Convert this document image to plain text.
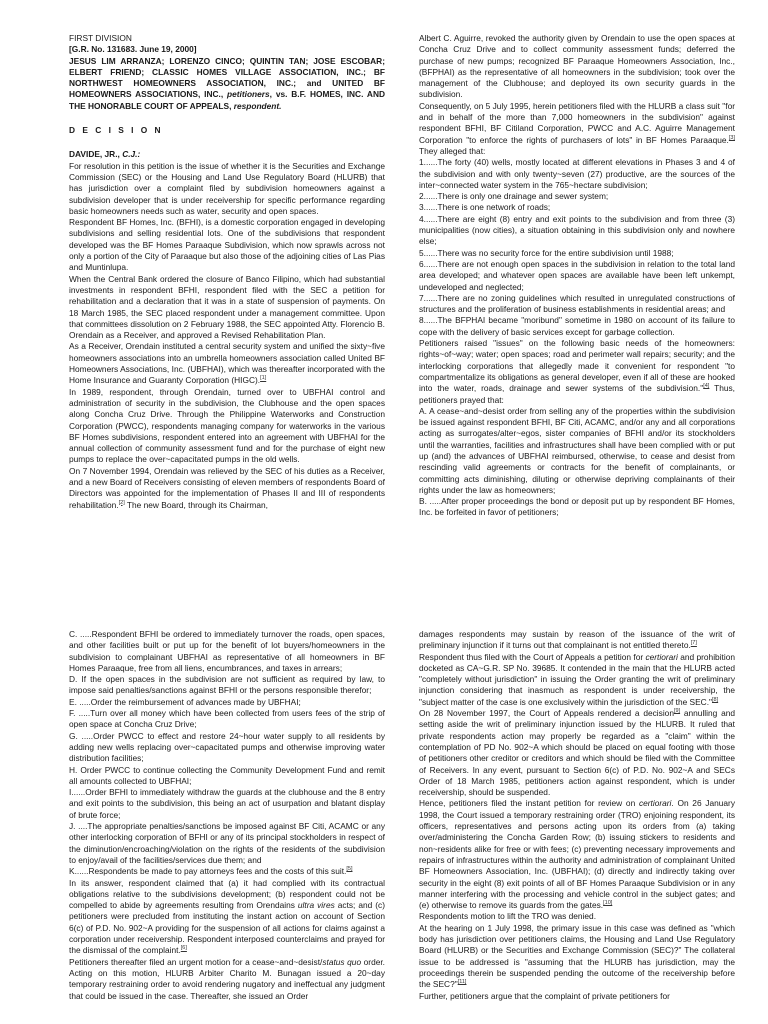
FIRST DIVISION

[G.R. No. 131683. June 19, 2000]

JESUS LIM ARRANZA; LORENZO CINCO; QUINTIN TAN; JOSE ESCOBAR; ELBERT FRIEND; CLASSIC HOMES VILLAGE ASSOCIATION, INC.; BF NORTHWEST HOMEOWNERS ASSOCIATION, INC.; and UNITED BF HOMEOWNERS ASSOCIATIONS, INC., petitioners, vs. B.F. HOMES, INC. AND THE HONORABLE COURT OF APPEALS, respondent.

D E C I S I O N

DAVIDE, JR., C.J.:

For resolution in this petition is the issue of whether it is the Securities and Exchange Commission (SEC) or the Housing and Land Use Regulatory Board (HLURB) that has jurisdiction over a complaint filed by subdivision homeowners against a subdivision developer that is under receivership for specific performance regarding basic homeowners needs such as water, security and open spaces.

Respondent BF Homes, Inc. (BFHI), is a domestic corporation engaged in developing subdivisions and selling residential lots. One of the subdivisions that respondent developed was the BF Homes Paraaque Subdivision, which now sprawls across not only a portion of the City of Paraaque but also those of the adjoining cities of Las Pias and Muntinlupa.

When the Central Bank ordered the closure of Banco Filipino, which had substantial investments in respondent BFHI, respondent filed with the SEC a petition for rehabilitation and a declaration that it was in a state of suspension of payments. On 18 March 1985, the SEC placed respondent under a management committee. Upon that committees dissolution on 2 February 1988, the SEC appointed Atty. Florencio B. Orendain as a Receiver, and approved a Revised Rehabilitation Plan.

As a Receiver, Orendain instituted a central security system and unified the sixty~five homeowners associations into an umbrella homeowners association called United BF Homeowners Associations, Inc. (UBFHAI), which was thereafter incorporated with the Home Insurance and Guaranty Corporation (HIGC).[1]

In 1989, respondent, through Orendain, turned over to UBFHAI control and administration of security in the subdivision, the Clubhouse and the open spaces along Concha Cruz Drive. Through the Philippine Waterworks and Construction Corporation (PWCC), respondents managing company for waterworks in the various BF Homes subdivisions, respondent entered into an agreement with UBFHAI for the annual collection of community assessment fund and for the purchase of eight new pumps to replace the over~capacitated pumps in the old wells.

On 7 November 1994, Orendain was relieved by the SEC of his duties as a Receiver, and a new Board of Receivers consisting of eleven members of respondents Board of Directors was appointed for the implementation of Phases II and III of respondents rehabilitation.[2] The new Board, through its Chairman,

Albert C. Aguirre, revoked the authority given by Orendain to use the open spaces at Concha Cruz Drive and to collect community assessment funds; deferred the purchase of new pumps; recognized BF Paraaque Homeowners Association, Inc., (BFPHAI) as the representative of all homeowners in the subdivision; took over the management of the Clubhouse; and deployed its own security guards in the subdivision.

Consequently, on 5 July 1995, herein petitioners filed with the HLURB a class suit "for and in behalf of the more than 7,000 homeowners in the subdivision" against respondent BFHI, BF Citiland Corporation, PWCC and A.C. Aguirre Management Corporation "to enforce the rights of purchasers of lots" in BF Homes Paraaque.[3] They alleged that:

1......The forty (40) wells, mostly located at different elevations in Phases 3 and 4 of the subdivision and with only twenty~seven (27) productive, are the sources of the inter~connected water system in the 765~hectare subdivision;

2......There is only one drainage and sewer system;

3......There is one network of roads;

4......There are eight (8) entry and exit points to the subdivision and from three (3) municipalities (now cities), a situation obtaining in this subdivision only and nowhere else;

5......There was no security force for the entire subdivision until 1988;

6......There are not enough open spaces in the subdivision in relation to the total land area developed; and whatever open spaces are available have been left unkempt, undeveloped and neglected;

7......There are no zoning guidelines which resulted in unregulated constructions of structures and the proliferation of business establishments in residential areas; and

8......The BFPHAI became "moribund" sometime in 1980 on account of its failure to cope with the delivery of basic services except for garbage collection.

Petitioners raised "issues" on the following basic needs of the homeowners: rights~of~way; water; open spaces; road and perimeter wall repairs; security; and the interlocking corporations that allegedly made it convenient for respondent "to compartmentalize its obligations as general developer, even if all of these are hooked into the water, roads, drainage and sewer systems of the subdivision."[4] Thus, petitioners prayed that:

A. A cease~and~desist order from selling any of the properties within the subdivision be issued against respondent BFHI, BF Citi, ACAMC, and/or any and all corporations acting as surrogates/alter~egos, sister companies of BFHI and/or its stockholders until the warranties, facilities and infrastructures shall have been complied with or put up (and) the advances of UBFHAI reimbursed, otherwise, to cease and desist from rescinding valid agreements or contracts for the benefit of complainants, or committing acts diminishing, diluting or otherwise depriving complainants of their rights under the law as homeowners;

B. .....After proper proceedings the bond or deposit put up by respondent BF Homes, Inc. be forfeited in favor of petitioners;

C. .....Respondent BFHI be ordered to immediately turnover the roads, open spaces, and other facilities built or put up for the benefit of lot buyers/homeowners in the subdivision to complainant UBFHAI as representative of all homeowners in BF Homes Paraaque, free from all liens, encumbrances, and taxes in arrears;

D. If the open spaces in the subdivision are not sufficient as required by law, to impose said penalties/sanctions against BFHI or the persons responsible therefor;

E. .....Order the reimbursement of advances made by UBFHAI;

F. .....Turn over all money which have been collected from users fees of the strip of open space at Concha Cruz Drive;

G. .....Order PWCC to effect and restore 24~hour water supply to all residents by adding new wells replacing over~capacitated pumps and otherwise improving water distribution facilities;

H. Order PWCC to continue collecting the Community Development Fund and remit all amounts collected to UBFHAI;

I......Order BFHI to immediately withdraw the guards at the clubhouse and the 8 entry and exit points to the subdivision, this being an act of usurpation and blatant display of brute force;

J. ....The appropriate penalties/sanctions be imposed against BF Citi, ACAMC or any other interlocking corporation of BFHI or any of its principal stockholders in respect of the diminution/encroaching/violation on the rights of the residents of the subdivision to enjoy/avail of the facilities/services due them; and

K......Respondents be made to pay attorneys fees and the costs of this suit.[5]

In its answer, respondent claimed that (a) it had complied with its contractual obligations relative to the subdivisions development; (b) respondent could not be compelled to abide by agreements resulting from Orendains ultra vires acts; and (c) petitioners were precluded from instituting the instant action on account of Section 6(c) of P.D. No. 902~A providing for the suspension of all actions for claims against a corporation under receivership. Respondent interposed counterclaims and prayed for the dismissal of the complaint.[6]

Petitioners thereafter filed an urgent motion for a cease~and~desist/status quo order. Acting on this motion, HLURB Arbiter Charito M. Bunagan issued a 20~day temporary restraining order to avoid rendering nugatory and ineffectual any judgment that could be issued in the case. Thereafter, she issued an Order

damages respondents may sustain by reason of the issuance of the writ of preliminary injunction if it turns out that complainant is not entitled thereto.[7]

Respondent thus filed with the Court of Appeals a petition for certiorari and prohibition docketed as CA~G.R. SP No. 39685. It contended in the main that the HLURB acted "completely without jurisdiction" in issuing the Order granting the writ of preliminary injunction considering that inasmuch as respondent is under receivership, the "subject matter of the case is one exclusively within the jurisdiction of the SEC."[8]

On 28 November 1997, the Court of Appeals rendered a decision[9] annulling and setting aside the writ of preliminary injunction issued by the HLURB. It ruled that private respondents action may properly be regarded as a "claim" within the contemplation of PD No. 902~A which should be placed on equal footing with those of petitioners other creditor or creditors and which should be filed with the Committee of Receivers. In any event, pursuant to Section 6(c) of P.D. No. 902~A and SECs Order of 18 March 1985, petitioners action against respondent, which is under receivership, should be suspended.

Hence, petitioners filed the instant petition for review on certiorari. On 26 January 1998, the Court issued a temporary restraining order (TRO) enjoining respondent, its officers, representatives and persons acting upon its orders from (a) taking over/administering the Concha Garden Row; (b) issuing stickers to residents and non~residents alike for free or with fees; (c) preventing necessary improvements and repairs of infrastructures within the authority and administration of complainant United BF Homeowners Association, Inc. (UBFHAI); (d) directly and indirectly taking over security in the eight (8) exit points of all of BF Homes Paraaque Subdivision or in any manner interfering with the processing and vehicle control in the subject gates; and (e) otherwise to remove its guards from the gates.[10]

Respondents motion to lift the TRO was denied.

At the hearing on 1 July 1998, the primary issue in this case was defined as "which body has jurisdiction over petitioners claims, the Housing and Land Use Regulatory Board (HLURB) or the Securities and Exchange Commission (SEC)?" The collateral issue to be addressed is "assuming that the HLURB has jurisdiction, may the proceedings therein be suspended pending the outcome of the receivership before the SEC?"[11]

Further, petitioners argue that the complaint of private petitioners for
